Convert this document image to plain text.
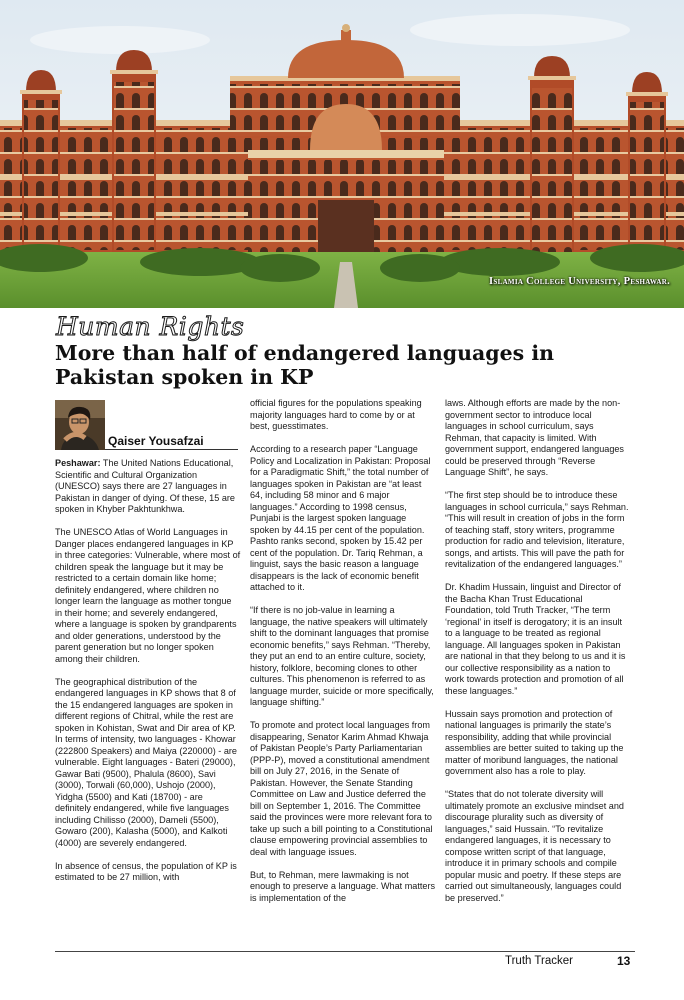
Islamia College University, Peshawar.
Human Rights
More than half of endangered languages in Pakistan spoken in KP
Qaiser Yousafzai

Peshawar: The United Nations Educational, Scientific and Cultural Organization (UNESCO) says there are 27 languages in Pakistan in danger of dying. Of these, 15 are spoken in Khyber Pakhtunkhwa.

The UNESCO Atlas of World Languages in Danger places endangered languages in KP in three categories: Vulnerable, where most of children speak the language but it may be restricted to a certain domain like home; definitely endangered, where children no longer learn the language as mother tongue in their home; and severely endangered, where a language is spoken by grandparents and older generations, understood by the parent generation but no longer spoken among their children.

The geographical distribution of the endangered languages in KP shows that 8 of the 15 endangered languages are spoken in different regions of Chitral, while the rest are spoken in Kohistan, Swat and Dir area of KP. In terms of intensity, two languages - Khowar (222800 Speakers) and Maiya (220000) - are vulnerable. Eight languages - Bateri (29000), Gawar Bati (9500), Phalula (8600), Savi (3000), Torwali (60,000), Ushojo (2000), Yidgha (5500) and Kati (18700) - are definitely endangered, while five languages including Chilisso (2000), Dameli (5500), Gowaro (200), Kalasha (5000), and Kalkoti (4000) are severely endangered.

In absence of census, the population of KP is estimated to be 27 million, with

official figures for the populations speaking majority languages hard to come by or at best, guesstimates.

According to a research paper “Language Policy and Localization in Pakistan: Proposal for a Paradigmatic Shift,” the total number of languages spoken in Pakistan are “at least 64, including 58 minor and 6 major languages.” According to 1998 census, Punjabi is the largest spoken language spoken by 44.15 per cent of the population. Pashto ranks second, spoken by 15.42 per cent of the population. Dr. Tariq Rehman, a linguist, says the basic reason a language disappears is the lack of economic benefit attached to it.

“If there is no job-value in learning a language, the native speakers will ultimately shift to the dominant languages that promise economic benefits,” says Rehman. “Thereby, they put an end to an entire culture, society, history, folklore, becoming clones to other cultures. This phenomenon is referred to as language murder, suicide or more specifically, language shifting.”

To promote and protect local languages from disappearing, Senator Karim Ahmad Khwaja of Pakistan People’s Party Parliamentarian (PPP-P), moved a constitutional amendment bill on July 27, 2016, in the Senate of Pakistan. However, the Senate Standing Committee on Law and Justice deferred the bill on September 1, 2016. The Committee said the provinces were more relevant fora to take up such a bill pointing to a Constitutional clause empowering provincial assemblies to deal with language issues.

But, to Rehman, mere lawmaking is not enough to preserve a language. What matters is implementation of the

laws. Although efforts are made by the non-government sector to introduce local languages in school curriculum, says Rehman, that capacity is limited. With government support, endangered languages could be preserved through “Reverse Language Shift”, he says.

“The first step should be to introduce these languages in school curricula,” says Rehman. “This will result in creation of jobs in the form of teaching staff, story writers, programme production for radio and television, literature, songs, and artists. This will pave the path for revitalization of the endangered languages.”

Dr. Khadim Hussain, linguist and Director of the Bacha Khan Trust Educational Foundation, told Truth Tracker, “The term ‘regional’ in itself is derogatory; it is an insult to a language to be treated as regional language. All languages spoken in Pakistan are national in that they belong to us and it is our collective responsibility as a nation to work towards protection and promotion of all these languages.”

Hussain says promotion and protection of national languages is primarily the state’s responsibility, adding that while provincial assemblies are better suited to taking up the matter of moribund languages, the national government also has a role to play.

“States that do not tolerate diversity will ultimately promote an exclusive mindset and discourage plurality such as diversity of languages,” said Hussain. “To revitalize endangered languages, it is necessary to compose written script of that language, introduce it in primary schools and compile popular music and poetry. If these steps are carried out simultaneously, languages could be preserved.”

Truth Tracker	13
